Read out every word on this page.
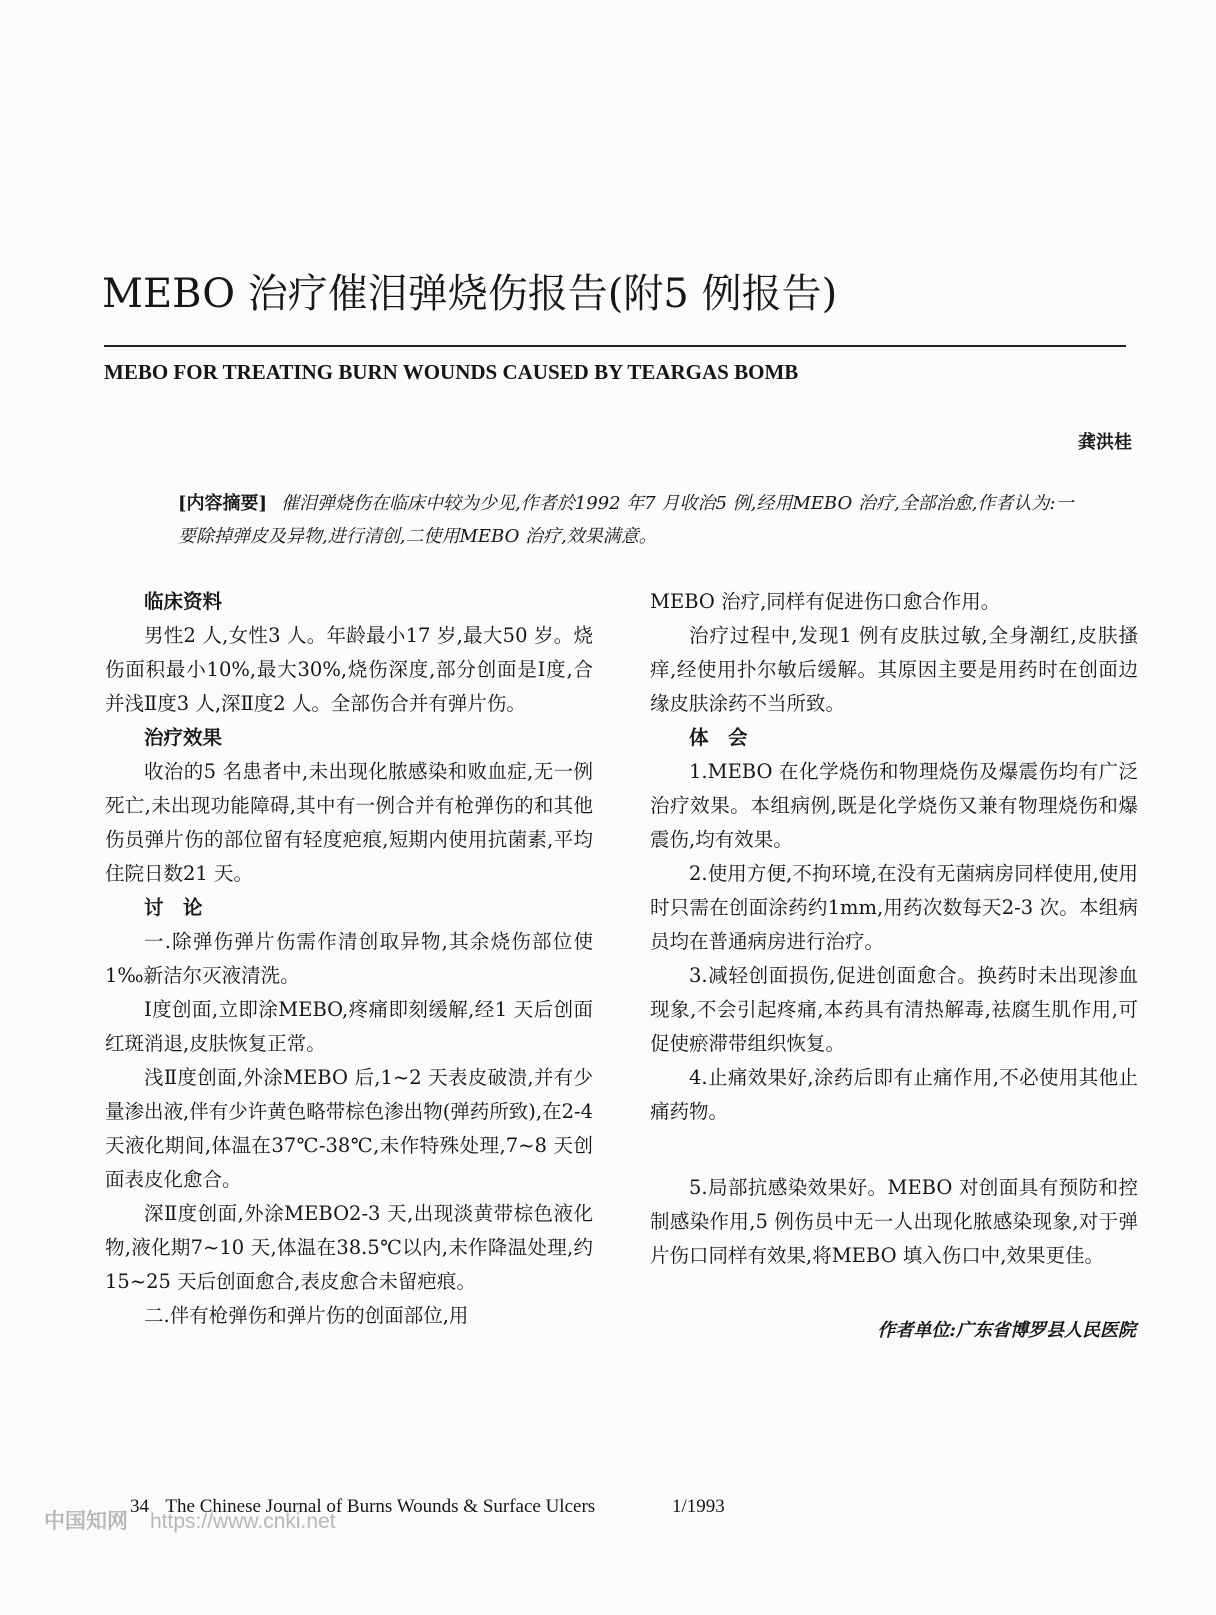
MEBO 治疗催泪弹烧伤报告(附5 例报告)
MEBO FOR TREATING BURN WOUNDS CAUSED BY TEARGAS BOMB
龚洪桂
[内容摘要] 催泪弹烧伤在临床中较为少见,作者於1992 年7 月收治5 例,经用MEBO 治疗,全部治愈,作者认为:一要除掉弹皮及异物,进行清创,二使用MEBO 治疗,效果满意。
临床资料

男性2 人,女性3 人。年龄最小17 岁,最大50 岁。烧伤面积最小10%,最大30%,烧伤深度,部分创面是Ⅰ度,合并浅Ⅱ度3 人,深Ⅱ度2 人。全部伤合并有弹片伤。

治疗效果

收治的5 名患者中,未出现化脓感染和败血症,无一例死亡,未出现功能障碍,其中有一例合并有枪弹伤的和其他伤员弹片伤的部位留有轻度疤痕,短期内使用抗菌素,平均住院日数21 天。

讨　论

一.除弹伤弹片伤需作清创取异物,其余烧伤部位使1‰新洁尔灭液清洗。

Ⅰ度创面,立即涂MEBO,疼痛即刻缓解,经1 天后创面红斑消退,皮肤恢复正常。

浅Ⅱ度创面,外涂MEBO 后,1~2 天表皮破溃,并有少量渗出液,伴有少许黄色略带棕色渗出物(弹药所致),在2-4 天液化期间,体温在37℃-38℃,未作特殊处理,7~8 天创面表皮化愈合。

深Ⅱ度创面,外涂MEBO2-3 天,出现淡黄带棕色液化物,液化期7~10 天,体温在38.5℃以内,未作降温处理,约15~25 天后创面愈合,表皮愈合未留疤痕。

二.伴有枪弹伤和弹片伤的创面部位,用

MEBO 治疗,同样有促进伤口愈合作用。

治疗过程中,发现1 例有皮肤过敏,全身潮红,皮肤搔痒,经使用扑尔敏后缓解。其原因主要是用药时在创面边缘皮肤涂药不当所致。

体　会

1.MEBO 在化学烧伤和物理烧伤及爆震伤均有广泛治疗效果。本组病例,既是化学烧伤又兼有物理烧伤和爆震伤,均有效果。

2.使用方便,不拘环境,在没有无菌病房同样使用,使用时只需在创面涂药约1mm,用药次数每天2-3 次。本组病员均在普通病房进行治疗。

3.减轻创面损伤,促进创面愈合。换药时未出现渗血现象,不会引起疼痛,本药具有清热解毒,祛腐生肌作用,可促使瘀滞带组织恢复。

4.止痛效果好,涂药后即有止痛作用,不必使用其他止痛药物。

5.局部抗感染效果好。MEBO 对创面具有预防和控制感染作用,5 例伤员中无一人出现化脓感染现象,对于弹片伤口同样有效果,将MEBO 填入伤口中,效果更佳。

作者单位:广东省博罗县人民医院
34 The Chinese Journal of Burns Wounds & Surface Ulcers	1/1993
中国知网 https://www.cnki.net
